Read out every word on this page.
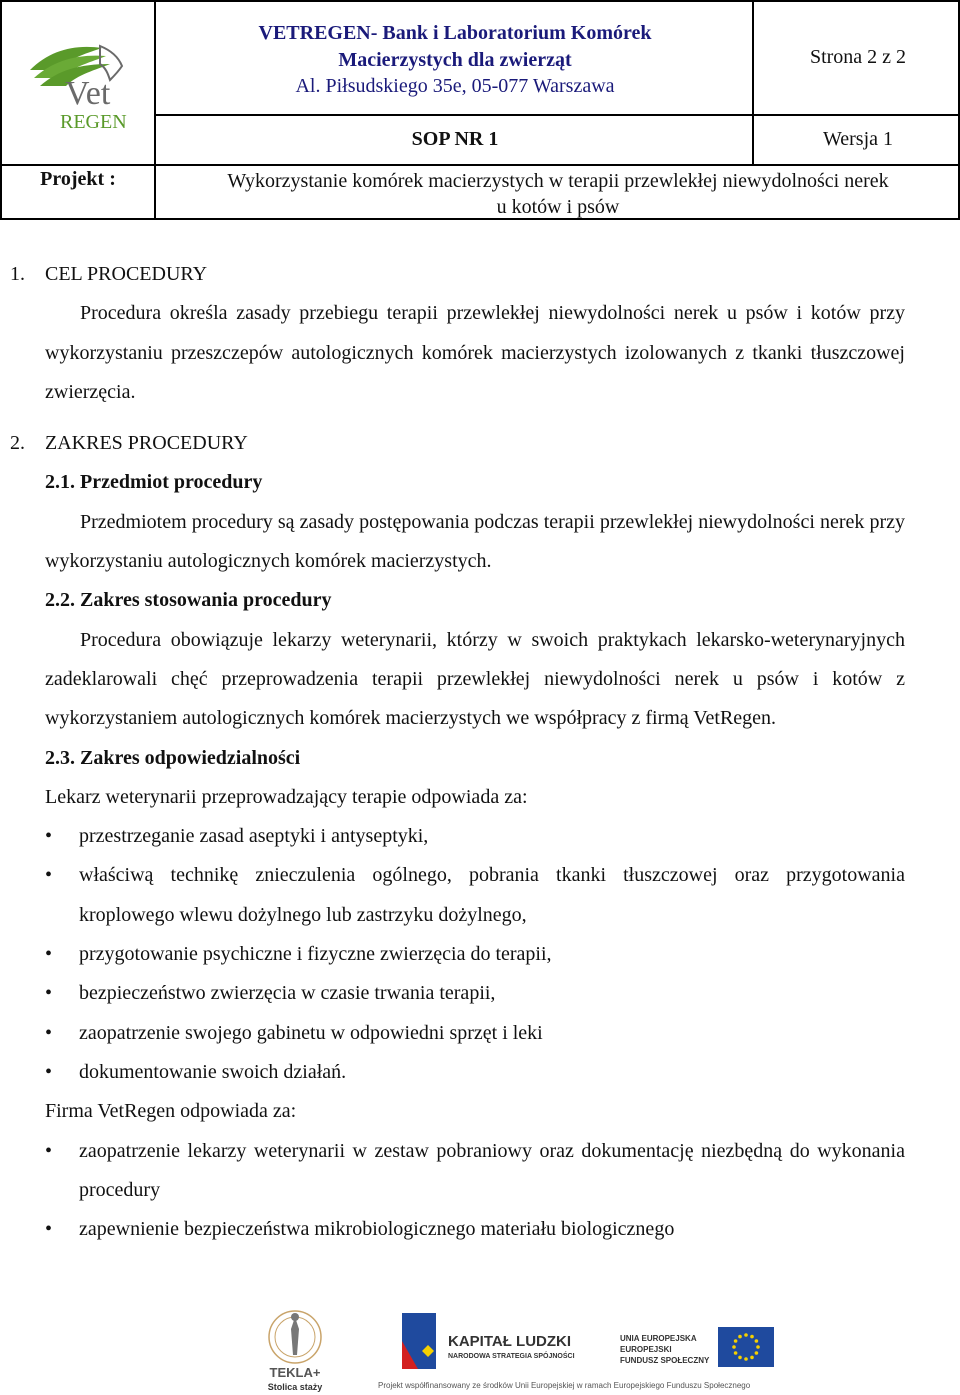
Vet
REGEN
VETREGEN- Bank i Laboratorium Komórek
Macierzystych dla zwierząt
Al. Piłsudskiego 35e, 05-077 Warszawa
Strona 2 z 2
SOP NR 1	Wersja 1
Projekt :	Wykorzystanie komórek macierzystych w terapii przewlekłej niewydolności nerek
u kotów i psów

1. CEL PROCEDURY

Procedura określa zasady przebiegu terapii przewlekłej niewydolności nerek u psów i kotów przy wykorzystaniu przeszczepów autologicznych komórek macierzystych izolowanych z tkanki tłuszczowej zwierzęcia.

2. ZAKRES PROCEDURY

2.1. Przedmiot procedury

Przedmiotem procedury są zasady postępowania podczas terapii przewlekłej niewydolności nerek przy wykorzystaniu autologicznych komórek macierzystych.

2.2. Zakres stosowania procedury

Procedura obowiązuje lekarzy weterynarii, którzy w swoich praktykach lekarsko-weterynaryjnych zadeklarowali chęć przeprowadzenia terapii przewlekłej niewydolności nerek u psów i kotów z wykorzystaniem autologicznych komórek macierzystych we współpracy z firmą VetRegen.

2.3. Zakres odpowiedzialności

Lekarz weterynarii przeprowadzający terapie odpowiada za:

• przestrzeganie zasad aseptyki i antyseptyki,
• właściwą technikę znieczulenia ogólnego, pobrania tkanki tłuszczowej oraz przygotowania kroplowego wlewu dożylnego lub zastrzyku dożylnego,
• przygotowanie psychiczne i fizyczne zwierzęcia do terapii,
• bezpieczeństwo zwierzęcia w czasie trwania terapii,
• zaopatrzenie swojego gabinetu w odpowiedni sprzęt i leki
• dokumentowanie swoich działań.

Firma VetRegen odpowiada za:

• zaopatrzenie lekarzy weterynarii w zestaw pobraniowy oraz dokumentację niezbędną do wykonania procedury
• zapewnienie bezpieczeństwa mikrobiologicznego materiału biologicznego
TEKLA+
Stolica staży
KAPITAŁ LUDZKI
NARODOWA STRATEGIA SPÓJNOŚCI
UNIA EUROPEJSKA
EUROPEJSKI
FUNDUSZ SPOŁECZNY
Projekt współfinansowany ze środków Unii Europejskiej w ramach Europejskiego Funduszu Społecznego
